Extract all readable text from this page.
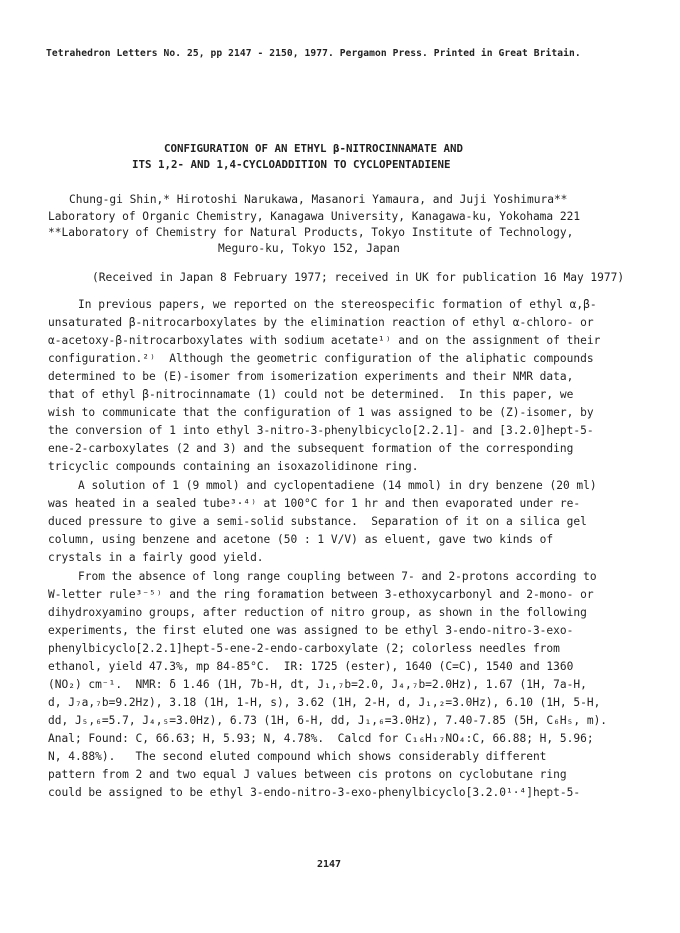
Tetrahedron Letters No. 25, pp 2147 - 2150, 1977. Pergamon Press. Printed in Great Britain.
CONFIGURATION OF AN ETHYL β-NITROCINNAMATE AND
ITS 1,2- AND 1,4-CYCLOADDITION TO CYCLOPENTADIENE
Chung-gi Shin,* Hirotoshi Narukawa, Masanori Yamaura, and Juji Yoshimura**
Laboratory of Organic Chemistry, Kanagawa University, Kanagawa-ku, Yokohama 221
**Laboratory of Chemistry for Natural Products, Tokyo Institute of Technology,
Meguro-ku, Tokyo 152, Japan
(Received in Japan 8 February 1977; received in UK for publication 16 May 1977)
In previous papers, we reported on the stereospecific formation of ethyl α,β-
unsaturated β-nitrocarboxylates by the elimination reaction of ethyl α-chloro- or
α-acetoxy-β-nitrocarboxylates with sodium acetate¹⁾ and on the assignment of their
configuration.²⁾  Although the geometric configuration of the aliphatic compounds
determined to be (E)-isomer from isomerization experiments and their NMR data,
that of ethyl β-nitrocinnamate (1) could not be determined.  In this paper, we
wish to communicate that the configuration of 1 was assigned to be (Z)-isomer, by
the conversion of 1 into ethyl 3-nitro-3-phenylbicyclo[2.2.1]- and [3.2.0]hept-5-
ene-2-carboxylates (2 and 3) and the subsequent formation of the corresponding
tricyclic compounds containing an isoxazolidinone ring.
A solution of 1 (9 mmol) and cyclopentadiene (14 mmol) in dry benzene (20 ml)
was heated in a sealed tube³·⁴⁾ at 100°C for 1 hr and then evaporated under re-
duced pressure to give a semi-solid substance.  Separation of it on a silica gel
column, using benzene and acetone (50 : 1 V/V) as eluent, gave two kinds of
crystals in a fairly good yield.
From the absence of long range coupling between 7- and 2-protons according to
W-letter rule³⁻⁵⁾ and the ring foramation between 3-ethoxycarbonyl and 2-mono- or
dihydroxyamino groups, after reduction of nitro group, as shown in the following
experiments, the first eluted one was assigned to be ethyl 3-endo-nitro-3-exo-
phenylbicyclo[2.2.1]hept-5-ene-2-endo-carboxylate (2; colorless needles from
ethanol, yield 47.3%, mp 84-85°C.  IR: 1725 (ester), 1640 (C=C), 1540 and 1360
(NO₂) cm⁻¹.  NMR: δ 1.46 (1H, 7b-H, dt, J₁,₇b=2.0, J₄,₇b=2.0Hz), 1.67 (1H, 7a-H,
d, J₇a,₇b=9.2Hz), 3.18 (1H, 1-H, s), 3.62 (1H, 2-H, d, J₁,₂=3.0Hz), 6.10 (1H, 5-H,
dd, J₅,₆=5.7, J₄,₅=3.0Hz), 6.73 (1H, 6-H, dd, J₁,₆=3.0Hz), 7.40-7.85 (5H, C₆H₅, m).
Anal; Found: C, 66.63; H, 5.93; N, 4.78%.  Calcd for C₁₆H₁₇NO₄:C, 66.88; H, 5.96;
N, 4.88%).   The second eluted compound which shows considerably different
pattern from 2 and two equal J values between cis protons on cyclobutane ring
could be assigned to be ethyl 3-endo-nitro-3-exo-phenylbicyclo[3.2.0¹·⁴]hept-5-
2147
